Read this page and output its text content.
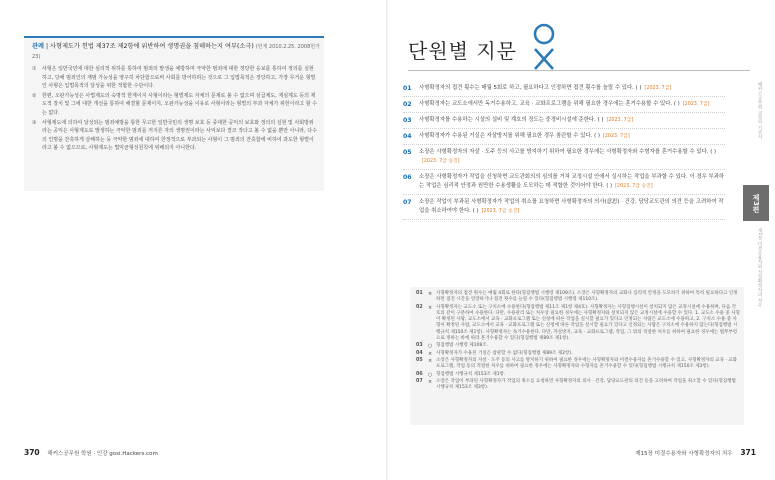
관례 | 사형제도가 헌법 제37조 제2항에 위반하여 생명권을 침해하는지 여부(소극) (헌재 2010.2.25. 2008헌가23)
①	사형은 일반국민에 대한 심리적 위하를 통하여 범죄의 발생을 예방하며 극악한 범죄에 대한 정당한 응보를 통하여 정의를 실현하고, 당해 범죄인의 재범 가능성을 영구히 차단함으로써 사회를 방어하려는 것으로 그 입법목적은 정당하고, 가장 무거운 형벌인 사형은 입법목적의 달성을 위한 적합한 수단이다.
②	한편, 오판가능성은 사법제도의 숙명적 한계이지 사형이라는 형벌제도 자체의 문제로 볼 수 없으며 심급제도, 재심제도 등의 제도적 장치 및 그에 대한 개선을 통하여 해결할 문제이지, 오판가능성을 이유로 사형이라는 형벌의 부과 자체가 위헌이라고 할 수는 없다.
③	사형제도에 의하여 달성되는 범죄예방을 통한 무고한 일반국민의 생명 보호 등 중대한 공익의 보호와 정의의 실현 및 사회방위라는 공익은 사형제도로 발생하는 극악한 범죄를 저지른 자의 생명권이라는 사익보다 결코 작다고 볼 수 없을 뿐만 아니라, 다수의 인명을 잔혹하게 살해하는 등 극악한 범죄에 대하여 한정적으로 부과되는 사형이 그 범죄의 잔혹함에 비하여 과도한 형벌이라고 볼 수 없으므로, 사형제도는 법익균형성원칙에 위배되지 아니한다.
370 해커스공무원 학원 · 인강 gosi.Hackers.com
단원별 지문
01	사형확정자의 접견 횟수는 매월 5회로 하고, 필요하다고 인정하면 접견 횟수를 늘릴 수 있다. ( ) [2023. 7급]
02	사형확정자는 교도소에서만 독거수용하고, 교육 · 교화프로그램을 위해 필요한 경우에는 혼거수용할 수 있다. ( ) [2023. 7급]
03	사형확정자를 수용하는 시설의 설비 및 계호의 정도는 중경비시설에 준한다. ( ) [2023. 7급]
04	사형확정자가 수용된 거실은 자살방지를 위해 필요한 경우 참관할 수 있다. ( ) [2023. 7급]
05	소장은 사형확정자의 자살 · 도주 등의 사고를 방지하기 위하여 필요한 경우에는 사형확정자와 수형자를 혼거수용할 수 있다. ( )[2023. 7급 승진]
06	소장은 사형확정자가 작업을 신청하면 교도관회의의 심의를 거쳐 교정시설 안에서 실시하는 작업을 부과할 수 있다. 이 경우 부과하는 작업은 심리적 안정과 원만한 수용생활을 도모하는 데 적합한 것이어야 한다. ( ) [2023. 7급 승진]
07	소장은 작업이 부과된 사형확정자가 작업의 취소를 요청하면 사형확정자의 의사(意思) · 건강, 담당교도관의 의견 등을 고려하여 작업을 취소하여야 한다. ( ) [2023. 7급 승진]
해커스공무원 교정학 기본서
제3편
제1장 미결수용자와 사형확정자의 처우
01	× 사형확정자의 접견 횟수는 매월 4회로 한다(형집행법 시행령 제109조). 소장은 사형확정자의 교화나 심리적 안정을 도모하기 위하여 특히 필요하다고 인정하면 접견 시간을 연장하거나 접견 횟수를 늘릴 수 있다(형집행법 시행령 제110조).
02	× 사형확정자는 교도소 또는 구치소에 수용한다(형집행법 제11조 제1항 제4호). 사형확정자는 사형집행시설이 설치되지 않은 교정시설에 수용하며, 다음 각 호의 같이 구분하여 수용한다. 다만, 수용관리 또는 처우상 필요한 경우에는 사형확정자와 설치되지 않은 교정시설에 수용할 수 있다. 1. 교도소 수용 중 사형이 확정된 사람, 교도소에서 교육 · 교화프로그램 또는 신청에 따른 작업을 실시할 필요가 있다고 인정되는 사람은 교도소에 수용하고, 2. 구치소 수용 중 사형이 확정된 사람, 교도소에서 교육 · 교화프로그램 또는 신청에 따른 작업을 실시할 필요가 있다고 인정되는 사람은 구치소에 수용하지 않는다(형집행법 시행규칙 제150조 제1항). 사형확정자는 독거수용한다. 다만, 자살방지, 교육 · 교화프로그램, 작업, 그 밖의 적절한 처우를 위하여 필요한 경우에는 법무부령으로 정하는 바에 따라 혼거수용할 수 있다(형집행법 제89조 제1항).
03	○ 형집행법 시행령 제108조.
04	× 사형확정자가 수용된 거실은 참관할 수 없다(형집행법 제89조 제2항).
05	× 소장은 사형확정자의 자살 · 도주 등의 사고를 방지하기 위하여 필요한 경우에는 사형확정자와 미결수용자를 혼거수용할 수 있고, 사형확정자의 교육 · 교화프로그램, 작업 등의 적절한 처우를 위하여 필요한 경우에는 사형확정자와 수형자를 혼거수용할 수 있다(형집행법 시행규칙 제150조 제3항).
06	○ 형집행법 시행규칙 제153조 제1항.
07	× 소장은 작업이 부과된 사형확정자가 작업의 취소를 요청하면 사형확정자의 의사 · 건강, 담당교도관의 의견 등을 고려하여 작업을 취소할 수 있다(형집행법 시행규칙 제153조 제3항).
제15장 미결수용자와 사형확정자의 처우 371
